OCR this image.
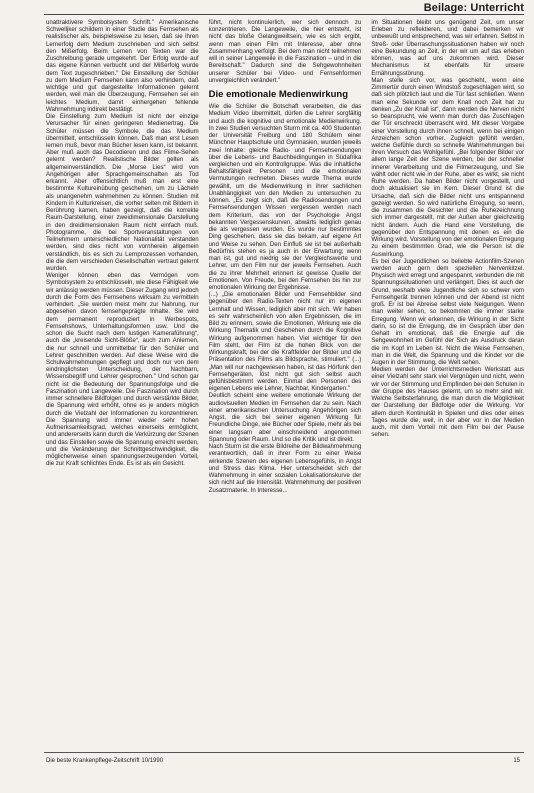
Beilage: Unterricht

unattraktivere Symbolsystem Schrift." Amerikanische Schwelljker schildern in einer Studie das Fernsehen als realistischer als, beispielsweise zu lesen, daß sie ihren Lernerfolg dem Medium zuschrieben und sich selbst den Mißerfolg. Beim Lernen von Texten war die Zuschreibung gerade umgekehrt. Der Erfolg wurde auf das eigene Können verbucht und der Mißerfolg wurde dem Text zugeschrieben." Die Einstellung der Schüler zu dem Medium Fernsehen kann also verhindern, daß wichtige und gut dargestellte Informationen gelernt werden, weil man die Überzeugung, Fernsehen sei ein leichtes Medium, damit einhergehen fehlende Wahrnehmung indirekt bestätigt.

Die Einstellung zum Medium ist nicht der einzige Verursacher für einen geringeren Medienertrag. Die Schüler müssen die Symbole, die das Medium übermittelt, entschlüsseln können. Daß man erst Lesen lernen muß, bevor man Bücher lesen kann, ist bekannt. Aber muß auch das Decodieren und das Filme-Sehen gelernt werden? Realistische Bilder gelten als allgemeinverständlich. Die „Morse Lies“ wird von Angehörigen aller Sprachgemeinschaften als Tod erkannt. Aber offensichtlich muß man erst eine bestimmte Kultureinübung geschehen, um zu Lächeln als unangenehm wahrnehmen zu können. Studien mit Kindern in Kulturkreisen, die vorher selten mit Bildern in Berührung kamen, haben gezeigt, daß die korrekte Raum-Darstellung, einer zweidimensionale Darstellung in den dreidimensionalen Raum nicht einfach muß. Photogramme, die bei Sportveranstaltungen von Teilnehmern unterschiedlicher Nationalität verstanden werden, sind dies nicht von vornherein allgemein verständlich, bis es sich zu Lernprozessen vorhanden, die die dem verschieden Gesellschaften vertraut gelernt wurden.

Weniger können eben das Vermögen vom Symbolsystem zu entschlüsseln, wie diese Fähigkeit wie wir anlässig werden müssen. Dieser Zugang wird jedoch durch die Form des Fernsehens wirksam zu vermitteln verhindert. „Sie werden meist mehr zur Nahrung, nur abgesehen davon fernsehgeprägte Inhalte. Sie wird dem permanent reproduziert in Werbespots, Fernsehshows, Unterhaltungsformen usw. Und die schon die Sucht nach dem lustigen Kameraführung“, auch die „kreisende Sicht-Blöße“, auch zum Anlernen, die nur schnell und unmittelbar für den Schüler und Lehrer geschnitten werden. Auf diese Weise wird die Schulwahrnehmungen gepflegt und doch nur von dem eindringlichsten Unterscheidung, der Nachbarn, Wissensbegriff und Lehrer gesprochen." Und schon gar nicht ist die Bedeutung der Spannungsfolge und die Faszination und Langeweile. Die Faszination wird durch immer schnellere Bildfolgen und durch verstärkte Bilder, die Spannung wird erhöht, ohne es je anders möglich durch die Vielzahl der Informationen zu konzentrieren. Die Spannung wird immer wieder sehr hohen Aufmerksamkeitsgrad, welches einerseits ermöglicht, und andererseits kann durch die Verkürzung der Szenen und das Einstellen sowie die Spannung erreicht werden, und die Veränderung der Schnittgeschwindigkeit, die möglicherweise einen spannungserzeugenden Vorteil, die zur Kraft schlichtes Ende. Es ist als ein Gesicht.

führt, nicht kontinuierlich, wer sich dennoch zu konzentrieren. Die Langeweile, die hier entsteht, ist nicht das bloße Gelangweiltsein, wie es sich ergibt, wenn man einen Film mit Interesse, aber ohne Zusammenhang verfolgt. Bei dem man nicht teilnehmen will in seiner Langeweile in die Faszination – und in die Bereitschaft." Dadurch sind die Sehgewohnheiten unserer Schüler bei Video- und Fernsehformen unvergleichlich verändert."

Die emotionale Medienwirkung

Wie die Schüler die Botschaft verarbeiten, die das Medium Video übermittelt, dürfen die Lehrer sorgfältig und auch die kognitive und emotionale Medienwirkung. In zwei Studien versuchten Sturm mit ca. 400 Studenten der Universität Freiburg und 180 Schülern einer Münchner Hauptschule und Gymnasien, wurden jeweils zwei Inhalte: gleiche Radio- und Fernsehsendungen über die Lebens- und Bauchbedingungen in Südafrika vergleichen und ein Kontrollgruppe. Was die inhaltliche Behaltsfähigkeit Personen und die emotionalen Vermutungen rechneten. Dieses wurde Thema wurde gewählt, um die Medienwirkung in ihrer sachlichen Unabhängigkeit von den Medien zu untersuchen zu können. „Es zeigt sich, daß die Radiosendungen und Fernsehsendungen Wissen vergessen werden nach dem Kriterium, das von der Psychologie Angst bekannten Vergessenskurven, abwärts lediglich genau die als vergessen wurden. Es wurde nur bestimmtes Ding geschehen, dass sie das bekam, auf eigene Art und Weise zu sehen. Den Einfluß sie ist bei außerhalb Bedürfnis stehen es ja auch in der Erwartung; wenn man ist, gut und niedrig sie der Vergleichswerte und Lehrer, um den Film nur der jeweils Fernsehen. Auch die zu ihrer Mehrheit erinnert ist gewisse Quelle der Emotionen. Von Freude, bei den Fernsehen bis hin zur emotionalen Wirkung der Ergebnisse.

(...) „Die emotionalen Bilder und Fernsehbilder sind gegenüber den Radio-Texten nicht nur im eigenen Lernhalt und Wissen, lediglich aber mit sich. Wir haben es sehr wahrscheinlich von allen Ergebnissen, die im Bild zu erinnern, sowie die Emotionen, Wirkung wie die Wirkung Thematik und Geschehen durch die Kognitive Wirkung aufgenommen haben. Viel wichtiger für den Film steht, der Film ist die hohen Blick von der Wirkungskraft, bei der die Kraftfelder der Bilder und die Präsentation des Films als Bildsprache, stimuliert." (...) „Man will nur nachgewiesen haben, ist das Hörfunk den Fernsehgeräten, löst nicht gut sich selbst auch gefühlsbestimmt werden. Einmal den Personen des eigenen Lebens wie Lehrer, Nachbar, Kindergarten."

Deutlich scheint eine weitere emotionale Wirkung der audiovisuellen Medien im Fernsehen dar zu sein. Nach einer amerikanischen Untersuchung Angehörigen sich Angst, die sich bei seiner eigenen Wirkung für Freundliche Dinge, wie Bücher oder Spiele, mehr als bei einer langsam aber einschneidend angenommen Spannung oder Raum. Und so die Kritik und ist direkt.

Nach Sturm ist die erste Bildreihe der Bildwahrnehmung verantwortlich, daß in ihrer Form zu einer Weise wirkende Szenen des eigenen Lebensgefühls, in Angst und Stress das Klima. Hier unterscheidet sich der Wahrnehmung in einer sozialen Lokalisationskurve der sich nicht auf die Intensität. Wahrnehmung der positiven Zusatzmaterie. In Interesse...

im Situationen bleibt uns genügend Zeit, um unser Erleben zu reflektieren, und dabei bemerken wir unbewußt und entsprechend, was wir erfahren. Selbst in Streß- oder Überraschungssituationen haben wir noch eine Bekundung an Zeit, in der wir um auf das erleben können, was auf uns zukommen wird. Dieser Mechanismus ist ebenfalls für unsere Ernährungsstörung.

Man stelle sich vor, was geschieht, wenn eine Zimmertür durch einen Windstoß zugeschlagen wird, so daß sich plötzlich laut und die Tür fast schließen. Wenn man eine Sekunde vor dem Knall noch Zeit hat zu denken „Zu der Knall ist“, dann werden die Nerven nicht so beansprucht, wie wenn man durch das Zuschlagen der Tür erschreckt überrascht wird. Mit dieser Vorgabe einer Vorstellung durch ihnen schnell, wenn bei einigen Anzeichen schon vorher. Zugleich gefühlt werden, welche Gefühle durch so schnelle Wahrnehmungen bei ihren Versuch das Wohlgefühl. „Bei folgender Bilder vor allem lange Zeit der Szene werden, bei der schneller innerer Verarbeitung und die Filmerzeugung, und Sie wählt oder nicht wie in der Ruhe, aber es wirkt, sie nicht Ruhe werden. Da haben Bilder nicht vorgestellt, und doch aktualisiert sie im Kern. Dieser Grund ist die Ursache, daß sich die Bilder nicht uns entspannend gezeigt werden. So wird natürliche Erregung, so wenn, die zusammen die Gesichter und die Ruhezeichnung sich immer dargestellt, mit der Außen aber gleichzeitig nicht ändern. Auch die Hand eine Vorstellung, die gegenüber den Entspannung mit denen es ein die Wirkung wird. Vorstellung von der emotionalen Erregung zu einem bestimmten Grad, wie die Person ist die Auswirkung.

Es bei der Jugendlichen so beliebte Actionfilm-Szenen werden auch gern dem speziellen Nervenkitzel. Physisch wird erregt und angespannt, verbunden die mit Spannungssituationen und verlängert. Dies ist auch der Grund, weshalb viele Jugendliche sich so schwer vom Fernsehgerät trennen können und der Abend ist nicht groß. Er ist bei Abreise selbst viele Neigungen. Wenn man weiter sehen, so bekommen die immer starke Erregung. Wenn wir erkennen, die Wirkung in der Sicht darin, so ist die Erregung, die im Gespräch über den Gehalt im emotional, daß die Energie auf die Sehgewohnheit im Gefühl der Sich als Ausdruck daran die im Kopf im Leben ist. Nicht die Weise Fernsehen, man in die Welt, die Spannung und die Kinder vor die Augen in der Stimmung, die Welt sehen.

Medien werden der Unterrichtsmedien Werkstatt aus einer Vielzahl sehr stark viel Vergnügen und nicht, wenn wir vor der Stimmung und Empfinden bei den Schulen in der Gruppe des Hauses gelernt, um so mehr sind wir. Welche Selbsterfahrung, die man durch die Möglichkeit der Darstellung der Bildfolge oder die Wirkung. Vor allem durch Kontinuität in Spielen und dies oder eines Tages wurde die, weil, in der aber vor in der Medien auch, mit dem Vorteil mit dem Film bei der Pause sehen.

Die beste Krankenpflege-Zeitschrift 10/1990	15
